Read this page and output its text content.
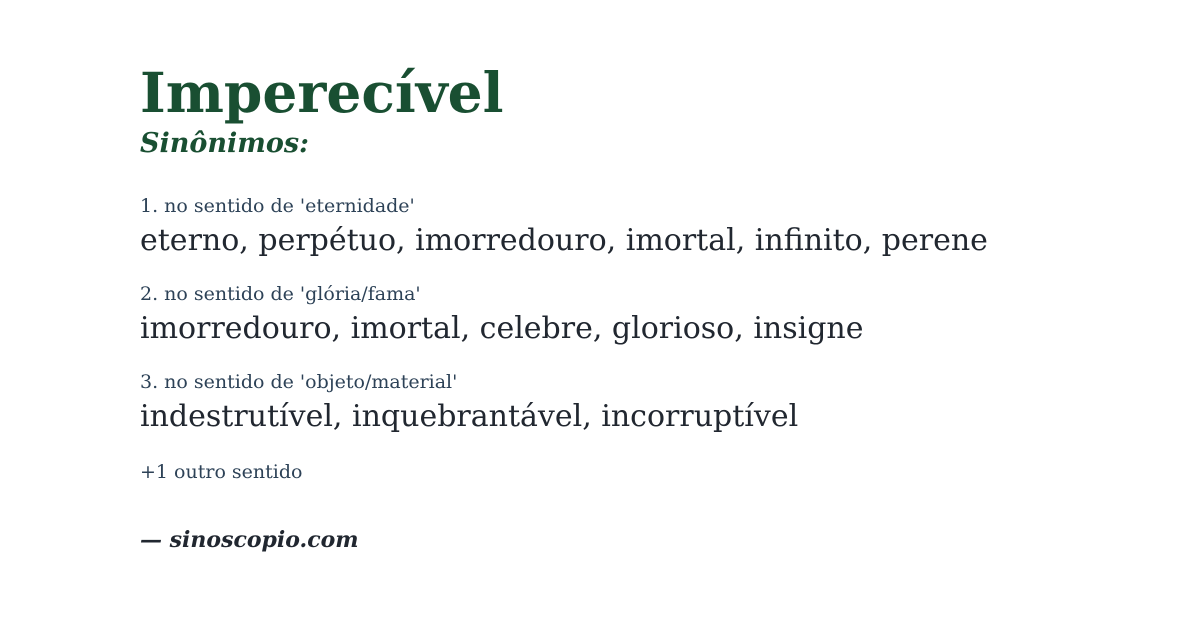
Imperecível
Sinônimos:
1. no sentido de 'eternidade'
eterno, perpétuo, imorredouro, imortal, infinito, perene
2. no sentido de 'glória/fama'
imorredouro, imortal, celebre, glorioso, insigne
3. no sentido de 'objeto/material'
indestrutível, inquebrantável, incorruptível
+1 outro sentido
— sinoscopio.com
